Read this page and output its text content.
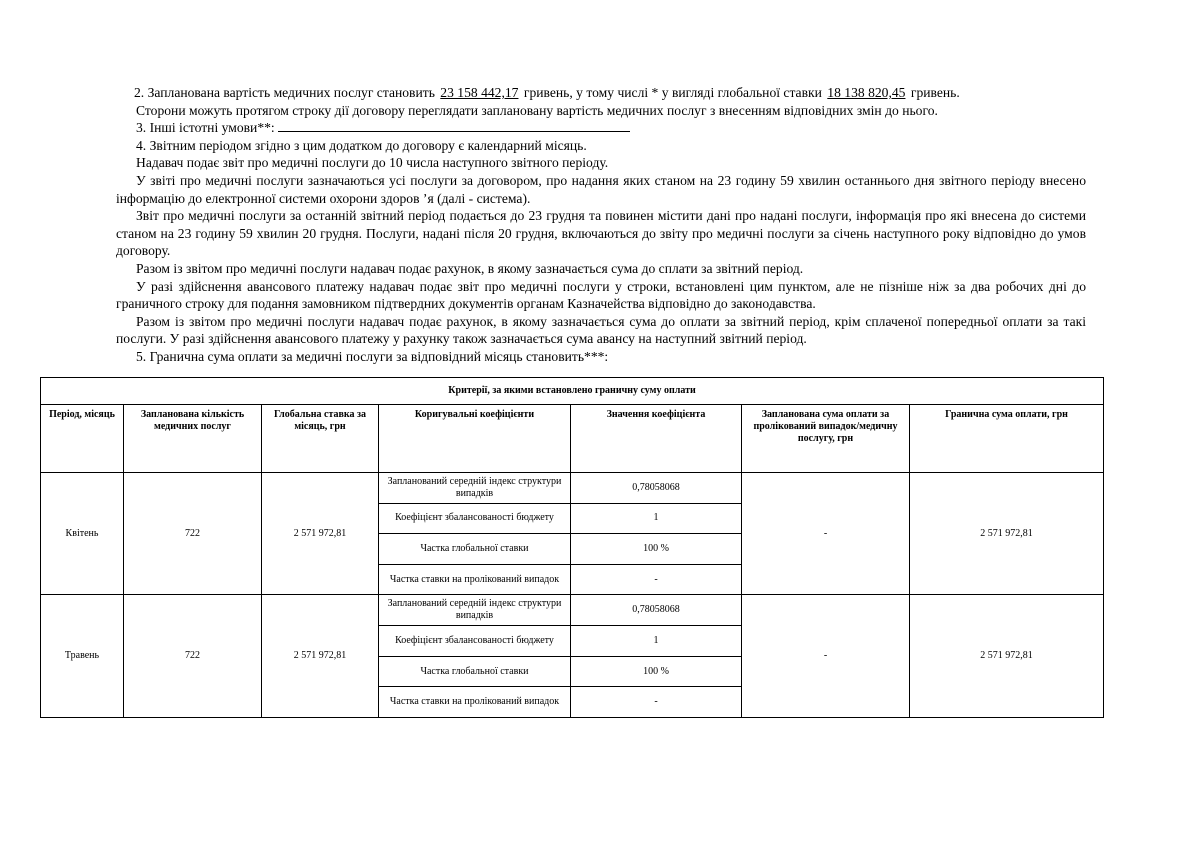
2. Запланована вартість медичних послуг становить 23 158 442,17 гривень, у тому числі * у вигляді глобальної ставки 18 138 820,45 гривень.

Сторони можуть протягом строку дії договору переглядати заплановану вартість медичних послуг з внесенням відповідних змін до нього.

3. Інші істотні умови**:

4. Звітним періодом згідно з цим додатком до договору є календарний місяць.

Надавач подає звіт про медичні послуги до 10 числа наступного звітного періоду.

У звіті про медичні послуги зазначаються усі послуги за договором, про надання яких станом на 23 годину 59 хвилин останнього дня звітного періоду внесено інформацію до електронної системи охорони здоров ’я (далі - система).

Звіт про медичні послуги за останній звітний період подається до 23 грудня та повинен містити дані про надані послуги, інформація про які внесена до системи станом на 23 годину 59 хвилин 20 грудня. Послуги, надані після 20 грудня, включаються до звіту про медичні послуги за січень наступного року відповідно до умов договору.

Разом із звітом про медичні послуги надавач подає рахунок, в якому зазначається сума до сплати за звітний період.

У разі здійснення авансового платежу надавач подає звіт про медичні послуги у строки, встановлені цим пунктом, але не пізніше ніж за два робочих дні до граничного строку для подання замовником підтвердних документів органам Казначейства відповідно до законодавства.

Разом із звітом про медичні послуги надавач подає рахунок, в якому зазначається сума до оплати за звітний період, крім сплаченої попередньої оплати за такі послуги. У разі здійснення авансового платежу у рахунку також зазначається сума авансу на наступний звітний період.

5. Гранична сума оплати за медичні послуги за відповідний місяць становить***:

Критерії, за якими встановлено граничну суму оплати						
Період, місяць	Запланована кількість медичних послуг	Глобальна ставка за місяць, грн	Коригувальні коефіцієнти	Значення коефіцієнта	Запланована сума оплати за пролікований випадок/медичну послугу, грн	Гранична сума оплати, грн
Квітень	722	2 571 972,81	Запланований середній індекс структури випадків	0,78058068	-	2 571 972,81
			Коефіцієнт збалансованості бюджету	1		
			Частка глобальної ставки	100 %		
			Частка ставки на пролікований випадок	-		
Травень	722	2 571 972,81	Запланований середній індекс структури випадків	0,78058068	-	2 571 972,81
			Коефіцієнт збалансованості бюджету	1		
			Частка глобальної ставки	100 %		
			Частка ставки на пролікований випадок	-		
